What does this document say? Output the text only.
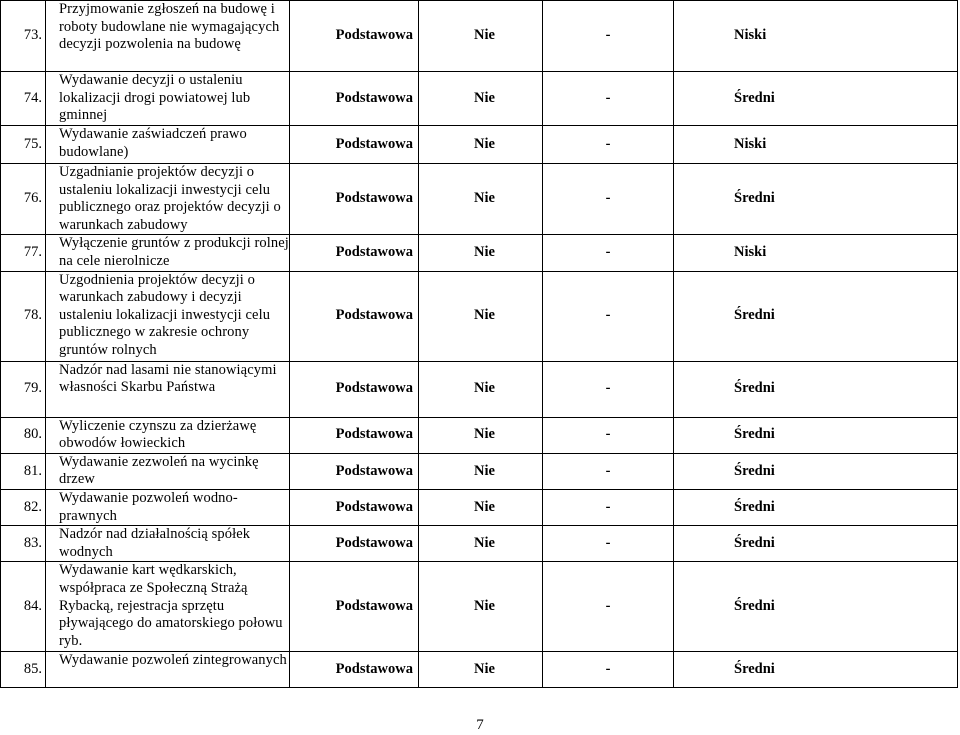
73.	Przyjmowanie zgłoszeń na budowę i roboty budowlane nie wymagających decyzji pozwolenia na budowę	Podstawowa	Nie	-	Niski
74.	Wydawanie decyzji o ustaleniu lokalizacji drogi powiatowej lub gminnej	Podstawowa	Nie	-	Średni
75.	Wydawanie zaświadczeń prawo budowlane)	Podstawowa	Nie	-	Niski
76.	Uzgadnianie projektów decyzji o ustaleniu lokalizacji inwestycji celu publicznego oraz projektów decyzji o warunkach zabudowy	Podstawowa	Nie	-	Średni
77.	Wyłączenie gruntów z produkcji rolnej na cele nierolnicze	Podstawowa	Nie	-	Niski
78.	Uzgodnienia projektów decyzji o warunkach zabudowy i decyzji ustaleniu lokalizacji inwestycji celu publicznego w zakresie ochrony gruntów rolnych	Podstawowa	Nie	-	Średni
79.	Nadzór nad lasami nie stanowiącymi własności Skarbu Państwa	Podstawowa	Nie	-	Średni
80.	Wyliczenie czynszu za dzierżawę obwodów łowieckich	Podstawowa	Nie	-	Średni
81.	Wydawanie zezwoleń na wycinkę drzew	Podstawowa	Nie	-	Średni
82.	Wydawanie pozwoleń wodno-prawnych	Podstawowa	Nie	-	Średni
83.	Nadzór nad działalnością spółek wodnych	Podstawowa	Nie	-	Średni
84.	Wydawanie kart wędkarskich, współpraca ze Społeczną Strażą Rybacką, rejestracja sprzętu pływającego do amatorskiego połowu ryb.	Podstawowa	Nie	-	Średni
85.	Wydawanie pozwoleń zintegrowanych	Podstawowa	Nie	-	Średni
7
